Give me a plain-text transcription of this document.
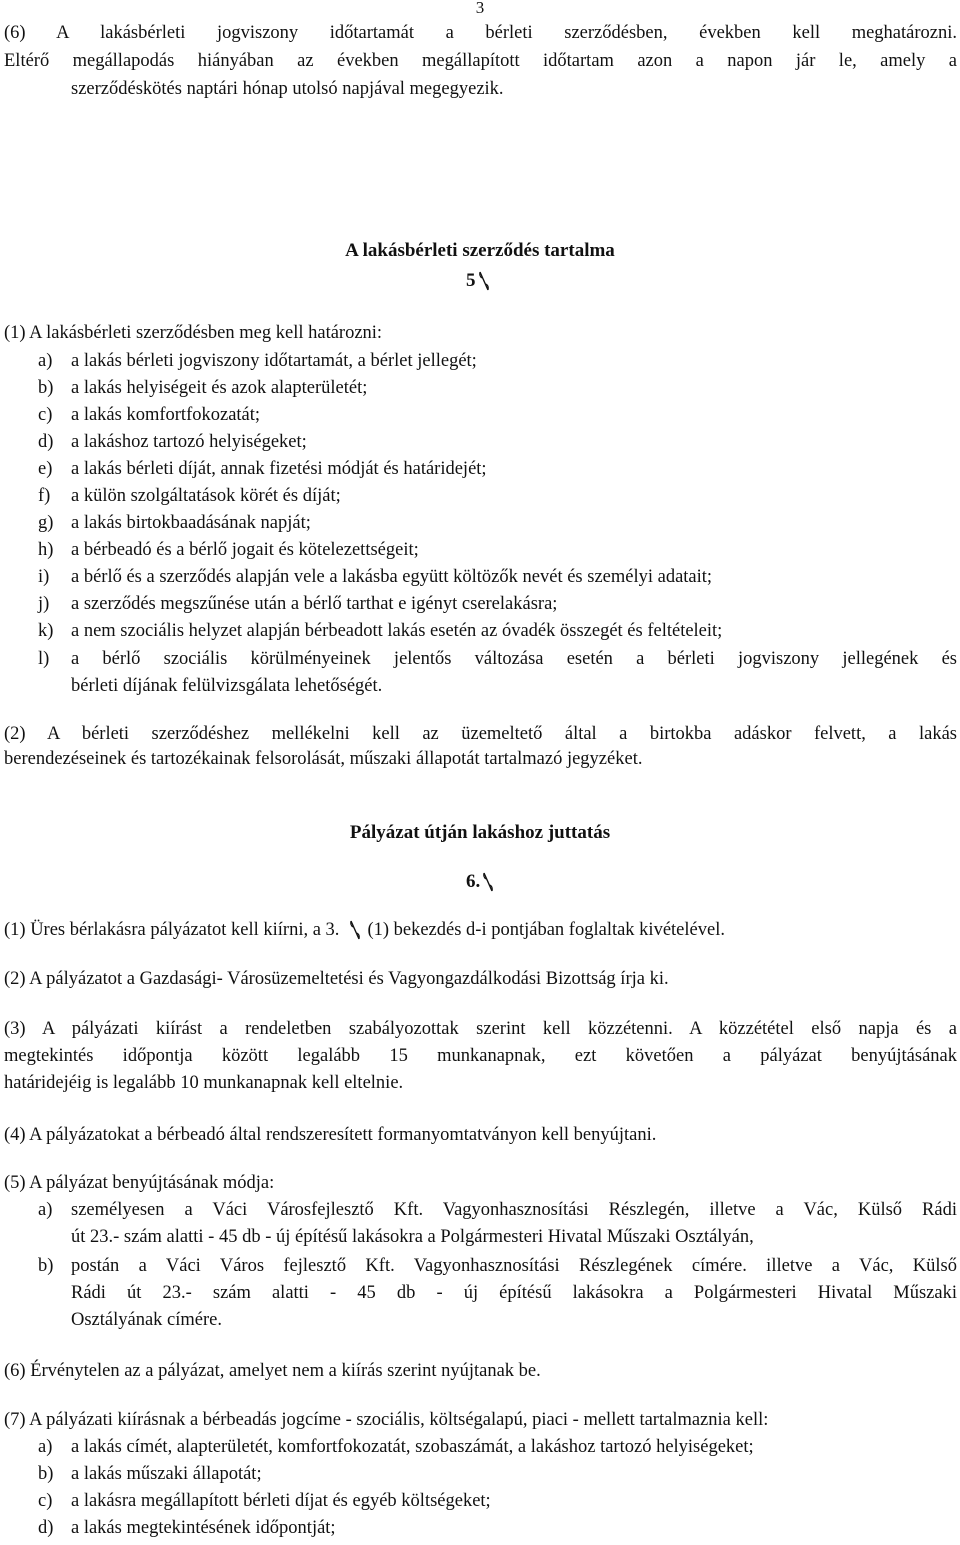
3
(6) A lakásbérleti jogviszony időtartamát a bérleti szerződésben, években kell meghatározni.
Eltérő megállapodás hiányában az években megállapított időtartam azon a napon jár le, amely a
szerződéskötés naptári hónap utolsó napjával megegyezik.
A lakásbérleti szerződés tartalma
5
(1) A lakásbérleti szerződésben meg kell határozni:
a) a lakás bérleti jogviszony időtartamát, a bérlet jellegét;
b) a lakás helyiségeit és azok alapterületét;
c) a lakás komfortfokozatát;
d) a lakáshoz tartozó helyiségeket;
e) a lakás bérleti díját, annak fizetési módját és határidejét;
f) a külön szolgáltatások körét és díját;
g) a lakás birtokbaadásának napját;
h) a bérbeadó és a bérlő jogait és kötelezettségeit;
i) a bérlő és a szerződés alapján vele a lakásba együtt költözők nevét és személyi adatait;
j) a szerződés megszűnése után a bérlő tarthat e igényt cserelakásra;
k) a nem szociális helyzet alapján bérbeadott lakás esetén az óvadék összegét és feltételeit;
l) a bérlő szociális körülményeinek jelentős változása esetén a bérleti jogviszony jellegének és
bérleti díjának felülvizsgálata lehetőségét.
(2) A bérleti szerződéshez mellékelni kell az üzemeltető által a birtokba adáskor felvett, a lakás
berendezéseinek és tartozékainak felsorolását, műszaki állapotát tartalmazó jegyzéket.
Pályázat útján lakáshoz juttatás
6.
(1) Üres bérlakásra pályázatot kell kiírni, a 3. (1) bekezdés d-i pontjában foglaltak kivételével.
(2) A pályázatot a Gazdasági- Városüzemeltetési és Vagyongazdálkodási Bizottság írja ki.
(3) A pályázati kiírást a rendeletben szabályozottak szerint kell közzétenni. A közzététel első napja és a
megtekintés időpontja között legalább 15 munkanapnak, ezt követően a pályázat benyújtásának
határidejéig is legalább 10 munkanapnak kell eltelnie.
(4) A pályázatokat a bérbeadó által rendszeresített formanyomtatványon kell benyújtani.
(5) A pályázat benyújtásának módja:
a) személyesen a Váci Városfejlesztő Kft. Vagyonhasznosítási Részlegén, illetve a Vác, Külső Rádi
út 23.- szám alatti - 45 db - új építésű lakásokra a Polgármesteri Hivatal Műszaki Osztályán,
b) postán a Váci Város fejlesztő Kft. Vagyonhasznosítási Részlegének címére. illetve a Vác, Külső
Rádi út 23.- szám alatti - 45 db - új építésű lakásokra a Polgármesteri Hivatal Műszaki
Osztályának címére.
(6) Érvénytelen az a pályázat, amelyet nem a kiírás szerint nyújtanak be.
(7) A pályázati kiírásnak a bérbeadás jogcíme - szociális, költségalapú, piaci - mellett tartalmaznia kell:
a) a lakás címét, alapterületét, komfortfokozatát, szobaszámát, a lakáshoz tartozó helyiségeket;
b) a lakás műszaki állapotát;
c) a lakásra megállapított bérleti díjat és egyéb költségeket;
d) a lakás megtekintésének időpontját;
